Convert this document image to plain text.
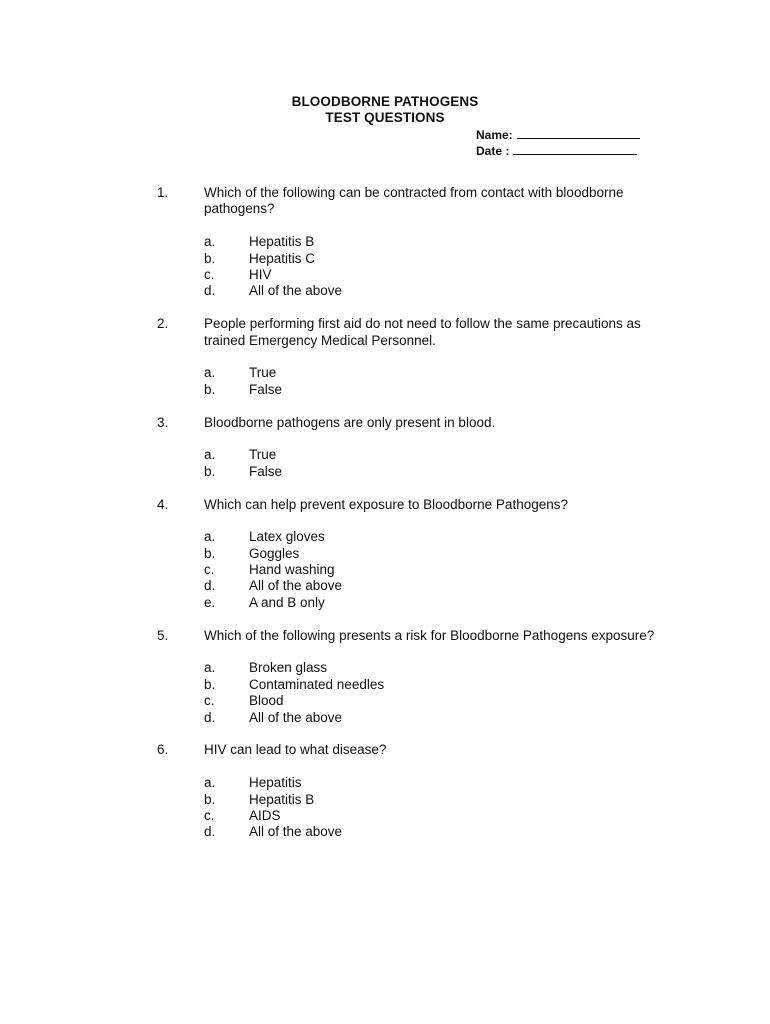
BLOODBORNE PATHOGENS
TEST QUESTIONS
Name:
Date :
1.	Which of the following can be contracted from contact with bloodborne pathogens?
a. Hepatitis B
b. Hepatitis C
c.	HIV
d. All of the above
2.	People performing first aid do not need to follow the same precautions as trained Emergency Medical Personnel.
a. True
b. False
3.	Bloodborne pathogens are only present in blood.
a. True
b. False
4.	Which can help prevent exposure to Bloodborne Pathogens?
a. Latex gloves
b. Goggles
c.	Hand washing
d. All of the above
e. A and B only
5.	Which of the following presents a risk for Bloodborne Pathogens exposure?
a. Broken glass
b. Contaminated needles
c.	Blood
d. All of the above
6.	HIV can lead to what disease?
a. Hepatitis
b. Hepatitis B
c.	AIDS
d. All of the above
